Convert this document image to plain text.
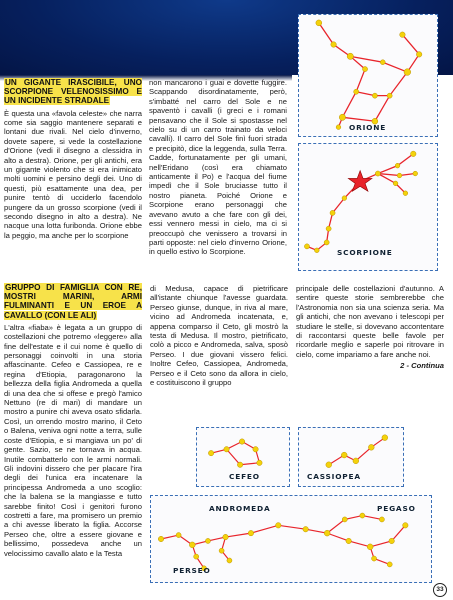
UN GIGANTE IRASCIBILE, UNO SCORPIONE VELENOSISSIMO E UN INCIDENTE STRADALE

È questa una «favola celeste» che narra come sia saggio mantenere separati e lontani due rivali. Nel cielo d'inverno, dovete sapere, si vede la costellazione d'Orione (vedi il disegno a clessidra in alto a destra). Orione, per gli antichi, era un gigante violento che si era inimicato molti uomini e persino degli dei. Uno di questi, più esattamente una dea, per punire tentò di ucciderlo facendolo pungere da un grosso scorpione (vedi il secondo disegno in alto a destra). Ne nacque una lotta furibonda. Orione ebbe la peggio, ma anche per lo scorpione

non mancarono i guai e dovette fuggire. Scappando disordinatamente, però, s'imbatté nel carro del Sole e ne spaventò i cavalli (i greci e i romani pensavano che il Sole si spostasse nel cielo su di un carro trainato da veloci cavalli). Il carro del Sole finì fuori strada e precipitò, dice la leggenda, sulla Terra. Cadde, fortunatamente per gli umani, nell'Eridano (così era chiamato anticamente il Po) e l'acqua del fiume impedì che il Sole bruciasse tutto il nostro pianeta. Poiché Orione e Scorpione erano personaggi che avevano avuto a che fare con gli dei, essi vennero messi in cielo, ma ci si preoccupò che venissero a trovarsi in parti opposte: nel cielo d'inverno Orione, in quello estivo lo Scorpione.

ORIONE
SCORPIONE
GRUPPO DI FAMIGLIA CON RE, MOSTRI MARINI, ARMI FULMINANTI E UN EROE A CAVALLO (CON LE ALI)

L'altra «fiaba» è legata a un gruppo di costellazioni che potremo «leggere» alla fine dell'estate e il cui nome è quello di personaggi coinvolti in una storia affascinante. Cefeo e Cassiopea, re e regina d'Etiopia, paragonarono la bellezza della figlia Andromeda a quella di una dea che si offese e pregò l'amico Nettuno (re di mari) di mandare un mostro a punire chi aveva osato sfidarla. Così, un orrendo mostro marino, il Ceto o Balena, veniva ogni notte a terra, sulle coste d'Etiopia, e si mangiava un po' di gente. Sazio, se ne tornava in acqua. Inutile combatterlo con le armi normali. Gli indovini dissero che per placare l'ira degli dei l'unica era incatenare la principessa Andromeda a uno scoglio: che la balena se la mangiasse e tutto sarebbe finito! Così i genitori furono costretti a fare, ma promisero un premio a chi avesse liberato la figlia. Accorse Perseo che, oltre a essere giovane e bellissimo, possedeva anche un velocissimo cavallo alato e la Testa

di Medusa, capace di pietrificare all'istante chiunque l'avesse guardata. Perseo giunse, dunque, in riva al mare, vicino ad Andromeda incatenata, e, appena comparso il Ceto, gli mostrò la testa di Medusa. Il mostro, pietrificato, colò a picco e Andromeda, salva, sposò Perseo. I due giovani vissero felici. Inoltre Cefeo, Cassiopea, Andromeda, Perseo e il Ceto sono da allora in cielo, e costituiscono il gruppo

principale delle costellazioni d'autunno. A sentire queste storie sembrerebbe che l'Astronomia non sia una scienza seria. Ma gli antichi, che non avevano i telescopi per studiare le stelle, si dovevano accontentare di raccontarsi queste belle favole per ricordarle meglio e saperle poi ritrovare in cielo, come impariamo a fare anche noi.

2 - Continua
CEFEO	CASSIOPEA
ANDROMEDA	PEGASO
PERSEO
33
